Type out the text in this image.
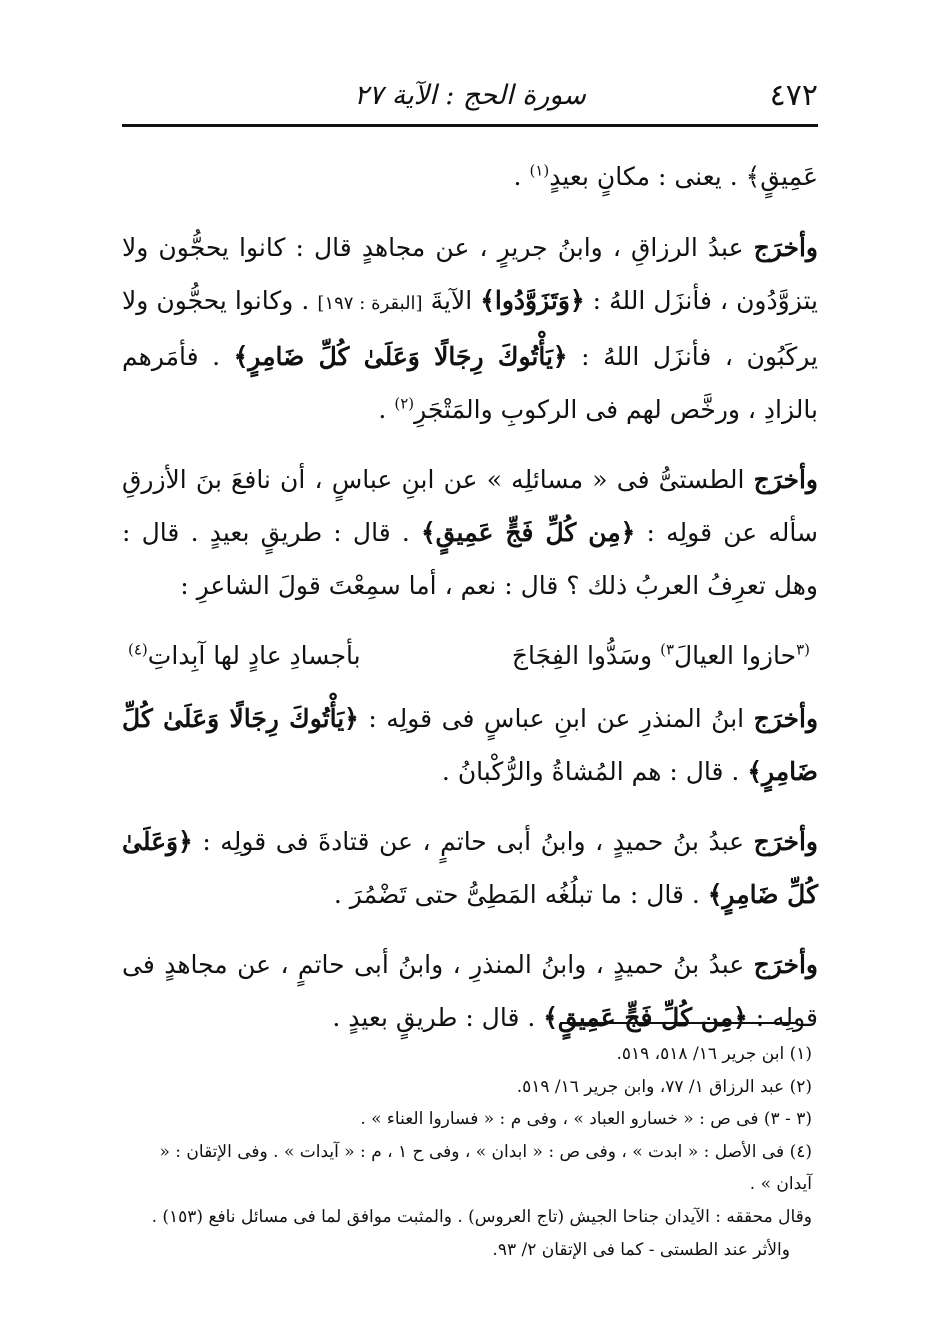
٤٧٢
سورة الحج : الآية ٢٧

عَمِيقٍ﴾ . يعنى : مكانٍ بعيدٍ$^{(١)}$ .

وأخرَج عبدُ الرزاقِ ، وابنُ جريرٍ ، عن مجاهدٍ قال : كانوا يحجُّون ولا يتزوَّدُون ، فأنزَل اللهُ : ﴿وَتَزَوَّدُوا﴾ الآيةَ [البقرة : ١٩٧] . وكانوا يحجُّون ولا يركَبُون ، فأنزَل اللهُ : ﴿يَأْتُوكَ رِجَالًا وَعَلَىٰ كُلِّ ضَامِرٍ﴾ . فأمَرهم بالزادِ ، ورخَّص لهم فى الركوبِ والمَتْجَرِ$^{(٢)}$ .

وأخرَج الطستىُّ فى « مسائلِه » عن ابنِ عباسٍ ، أن نافعَ بنَ الأزرقِ سأله عن قولِه : ﴿مِن كُلِّ فَجٍّ عَمِيقٍ﴾ . قال : طريقٍ بعيدٍ . قال : وهل تعرِفُ العربُ ذلك ؟ قال : نعم ، أما سمِعْتَ قولَ الشاعرِ :

$^{(٣}$حازوا العيالَ$^{٣)}$ وسَدُّوا الفِجَاجَ
بأجسادِ عادٍ لها آبِداتِ$^{(٤)}$

وأخرَج ابنُ المنذرِ عن ابنِ عباسٍ فى قولِه : ﴿يَأْتُوكَ رِجَالًا وَعَلَىٰ كُلِّ ضَامِرٍ﴾ . قال : هم المُشاةُ والرُّكْبانُ .

وأخرَج عبدُ بنُ حميدٍ ، وابنُ أبى حاتمٍ ، عن قتادةَ فى قولِه : ﴿وَعَلَىٰ كُلِّ ضَامِرٍ﴾ . قال : ما تبلُغُه المَطِىُّ حتى تَضْمُرَ .

وأخرَج عبدُ بنُ حميدٍ ، وابنُ المنذرِ ، وابنُ أبى حاتمٍ ، عن مجاهدٍ فى قولِه : ﴿مِن كُلِّ فَجٍّ عَمِيقٍ﴾ . قال : طريقٍ بعيدٍ .

(١) ابن جرير ١٦/ ٥١٨، ٥١٩.

(٢) عبد الرزاق ١/ ٧٧، وابن جرير ١٦/ ٥١٩.

(٣ - ٣) فى ص : « خسارو العباد » ، وفى م : « فساروا العناء » .

(٤) فى الأصل : « ابدت » ، وفى ص : « ابدان » ، وفى ح ١ ، م : « آيدات » . وفى الإتقان : « آيدان » .

وقال محققه : الآيدان جناحا الجيش (تاج العروس) . والمثبت موافق لما فى مسائل نافع (١٥٣) .

والأثر عند الطستى - كما فى الإتقان ٢/ ٩٣.
